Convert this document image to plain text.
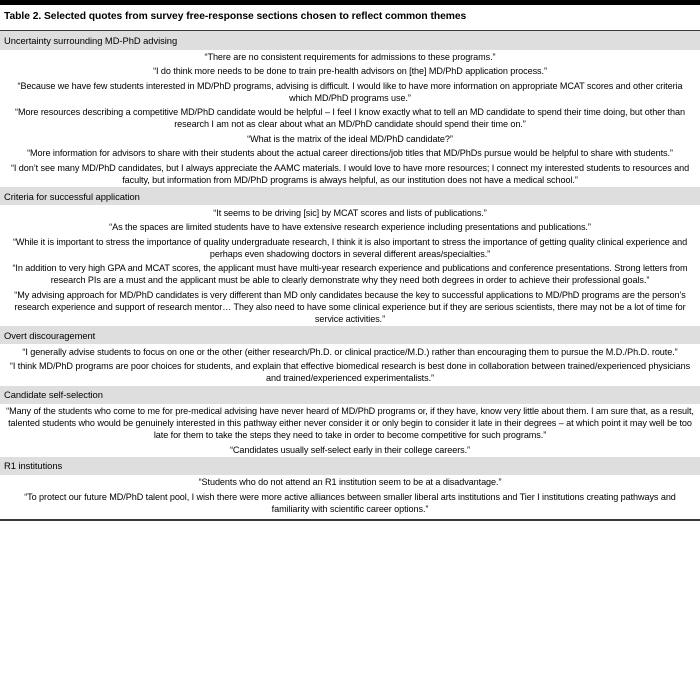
Table 2. Selected quotes from survey free-response sections chosen to reflect common themes
Uncertainty surrounding MD-PhD advising
“There are no consistent requirements for admissions to these programs.”
“I do think more needs to be done to train pre-health advisors on [the] MD/PhD application process.”
“Because we have few students interested in MD/PhD programs, advising is difficult. I would like to have more information on appropriate MCAT scores and other criteria which MD/PhD programs use.”
“More resources describing a competitive MD/PhD candidate would be helpful – I feel I know exactly what to tell an MD candidate to spend their time doing, but other than research I am not as clear about what an MD/PhD candidate should spend their time on.”
“What is the matrix of the ideal MD/PhD candidate?”
“More information for advisors to share with their students about the actual career directions/job titles that MD/PhDs pursue would be helpful to share with students.”
“I don’t see many MD/PhD candidates, but I always appreciate the AAMC materials. I would love to have more resources; I connect my interested students to resources and faculty, but information from MD/PhD programs is always helpful, as our institution does not have a medical school.”
Criteria for successful application
“It seems to be driving [sic] by MCAT scores and lists of publications.”
“As the spaces are limited students have to have extensive research experience including presentations and publications.”
“While it is important to stress the importance of quality undergraduate research, I think it is also important to stress the importance of getting quality clinical experience and perhaps even shadowing doctors in several different areas/specialties.”
“In addition to very high GPA and MCAT scores, the applicant must have multi-year research experience and publications and conference presentations. Strong letters from research PIs are a must and the applicant must be able to clearly demonstrate why they need both degrees in order to achieve their professional goals.”
“My advising approach for MD/PhD candidates is very different than MD only candidates because the key to successful applications to MD/PhD programs are the person’s research experience and support of research mentor… They also need to have some clinical experience but if they are serious scientists, there may not be a lot of time for service activities.”
Overt discouragement
“I generally advise students to focus on one or the other (either research/Ph.D. or clinical practice/M.D.) rather than encouraging them to pursue the M.D./Ph.D. route.”
“I think MD/PhD programs are poor choices for students, and explain that effective biomedical research is best done in collaboration between trained/experienced physicians and trained/experienced experimentalists.”
Candidate self-selection
“Many of the students who come to me for pre-medical advising have never heard of MD/PhD programs or, if they have, know very little about them. I am sure that, as a result, talented students who would be genuinely interested in this pathway either never consider it or only begin to consider it late in their degrees – at which point it may well be too late for them to take the steps they need to take in order to become competitive for such programs.”
“Candidates usually self-select early in their college careers.”
R1 institutions
“Students who do not attend an R1 institution seem to be at a disadvantage.”
“To protect our future MD/PhD talent pool, I wish there were more active alliances between smaller liberal arts institutions and Tier I institutions creating pathways and familiarity with scientific career options.”
